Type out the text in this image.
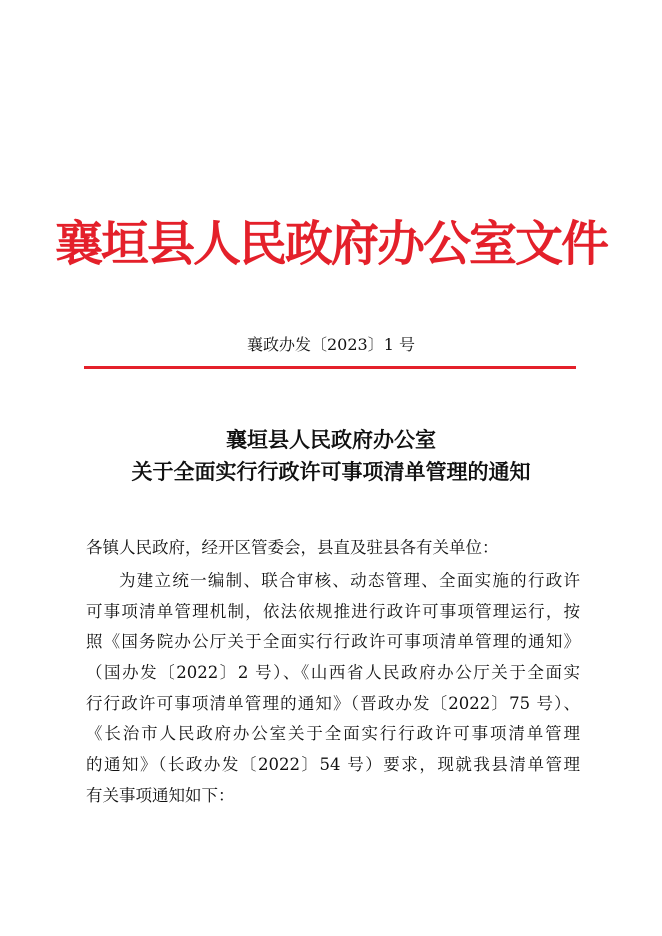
襄垣县人民政府办公室文件
襄政办发〔2023〕1 号
襄垣县人民政府办公室
关于全面实行行政许可事项清单管理的通知
各镇人民政府，经开区管委会，县直及驻县各有关单位：
为建立统一编制、联合审核、动态管理、全面实施的行政许
可事项清单管理机制，依法依规推进行政许可事项管理运行，按
照《国务院办公厅关于全面实行行政许可事项清单管理的通知》
（国办发〔2022〕2 号）、《山西省人民政府办公厅关于全面实
行行政许可事项清单管理的通知》（晋政办发〔2022〕75 号）、
《长治市人民政府办公室关于全面实行行政许可事项清单管理
的通知》（长政办发〔2022〕54 号）要求，现就我县清单管理
有关事项通知如下：
